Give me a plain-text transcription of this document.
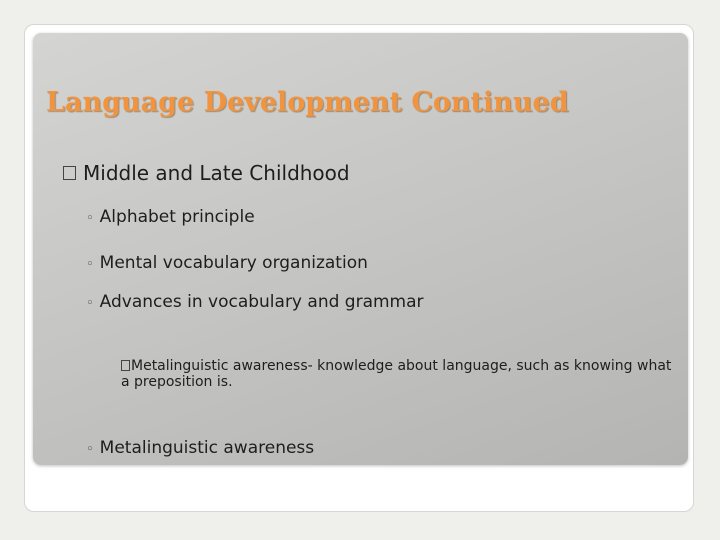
Language Development Continued
Middle and Late Childhood
◦ Alphabet principle
◦ Mental vocabulary organization
◦ Advances in vocabulary and grammar
Metalinguistic awareness- knowledge about language, such as knowing what a preposition is.
◦ Metalinguistic awareness
